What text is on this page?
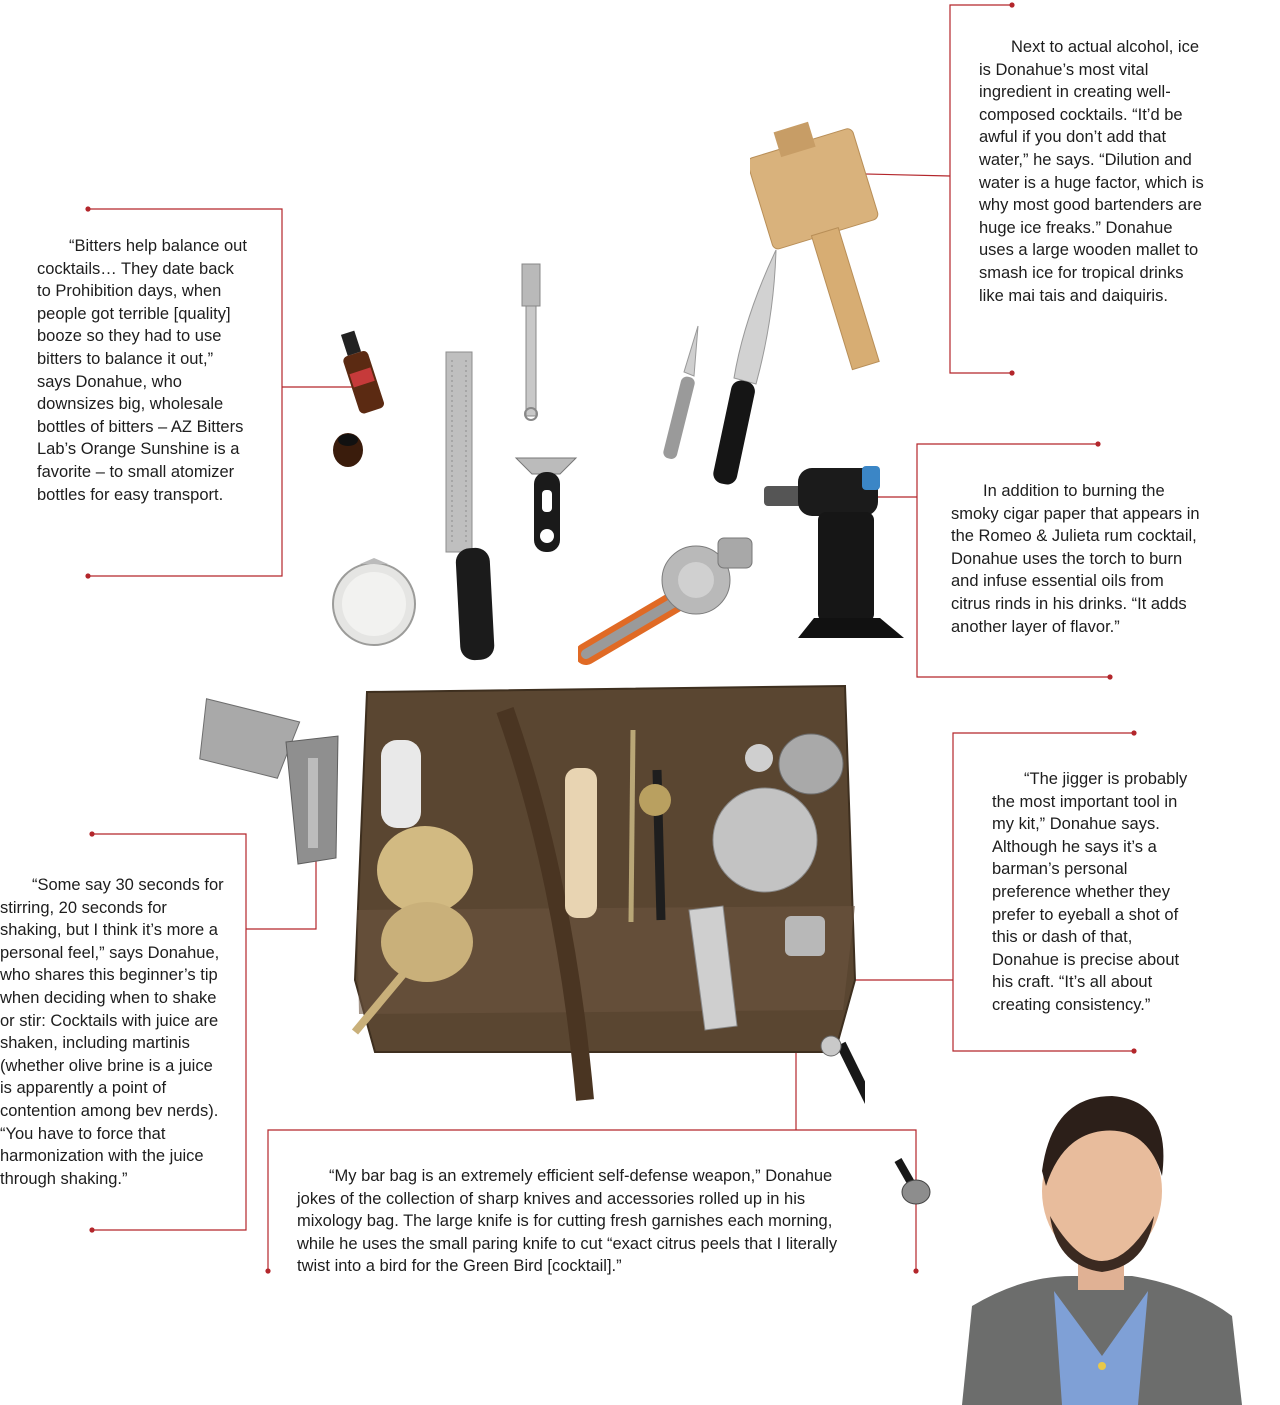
Next to actual alcohol, ice is Donahue’s most vital ingredient in creating well-composed cocktails. “It’d be awful if you don’t add that water,” he says. “Dilution and water is a huge factor, which is why most good bartenders are huge ice freaks.” Donahue uses a large wooden mallet to smash ice for tropical drinks like mai tais and daiquiris.

“Bitters help balance out cocktails… They date back to Prohibition days, when people got terrible [quality] booze so they had to use bitters to balance it out,” says Donahue, who downsizes big, wholesale bottles of bitters – AZ Bitters Lab’s Orange Sunshine is a favorite – to small atomizer bottles for easy transport.	In addition to burning the smoky cigar paper that appears in the Romeo & Julieta rum cocktail, Donahue uses the torch to burn and infuse essential oils from citrus rinds in his drinks. “It adds another layer of flavor.”

“The jigger is probably the most important tool in my kit,” Donahue says. Although he says it’s a barman’s personal preference whether they prefer to eyeball a shot of this or dash of that, Donahue is precise about his craft. “It’s all about creating consistency.”

“Some say 30 seconds for stirring, 20 seconds for shaking, but I think it’s more a personal feel,” says Donahue, who shares this beginner’s tip when deciding when to shake or stir: Cocktails with juice are shaken, including martinis (whether olive brine is a juice is apparently a point of contention among bev nerds). “You have to force that harmonization with the juice through shaking.”	“My bar bag is an extremely efficient self-defense weapon,” Donahue jokes of the collection of sharp knives and accessories rolled up in his mixology bag. The large knife is for cutting fresh garnishes each morning, while he uses the small paring knife to cut “exact citrus peels that I literally twist into a bird for the Green Bird [cocktail].”
